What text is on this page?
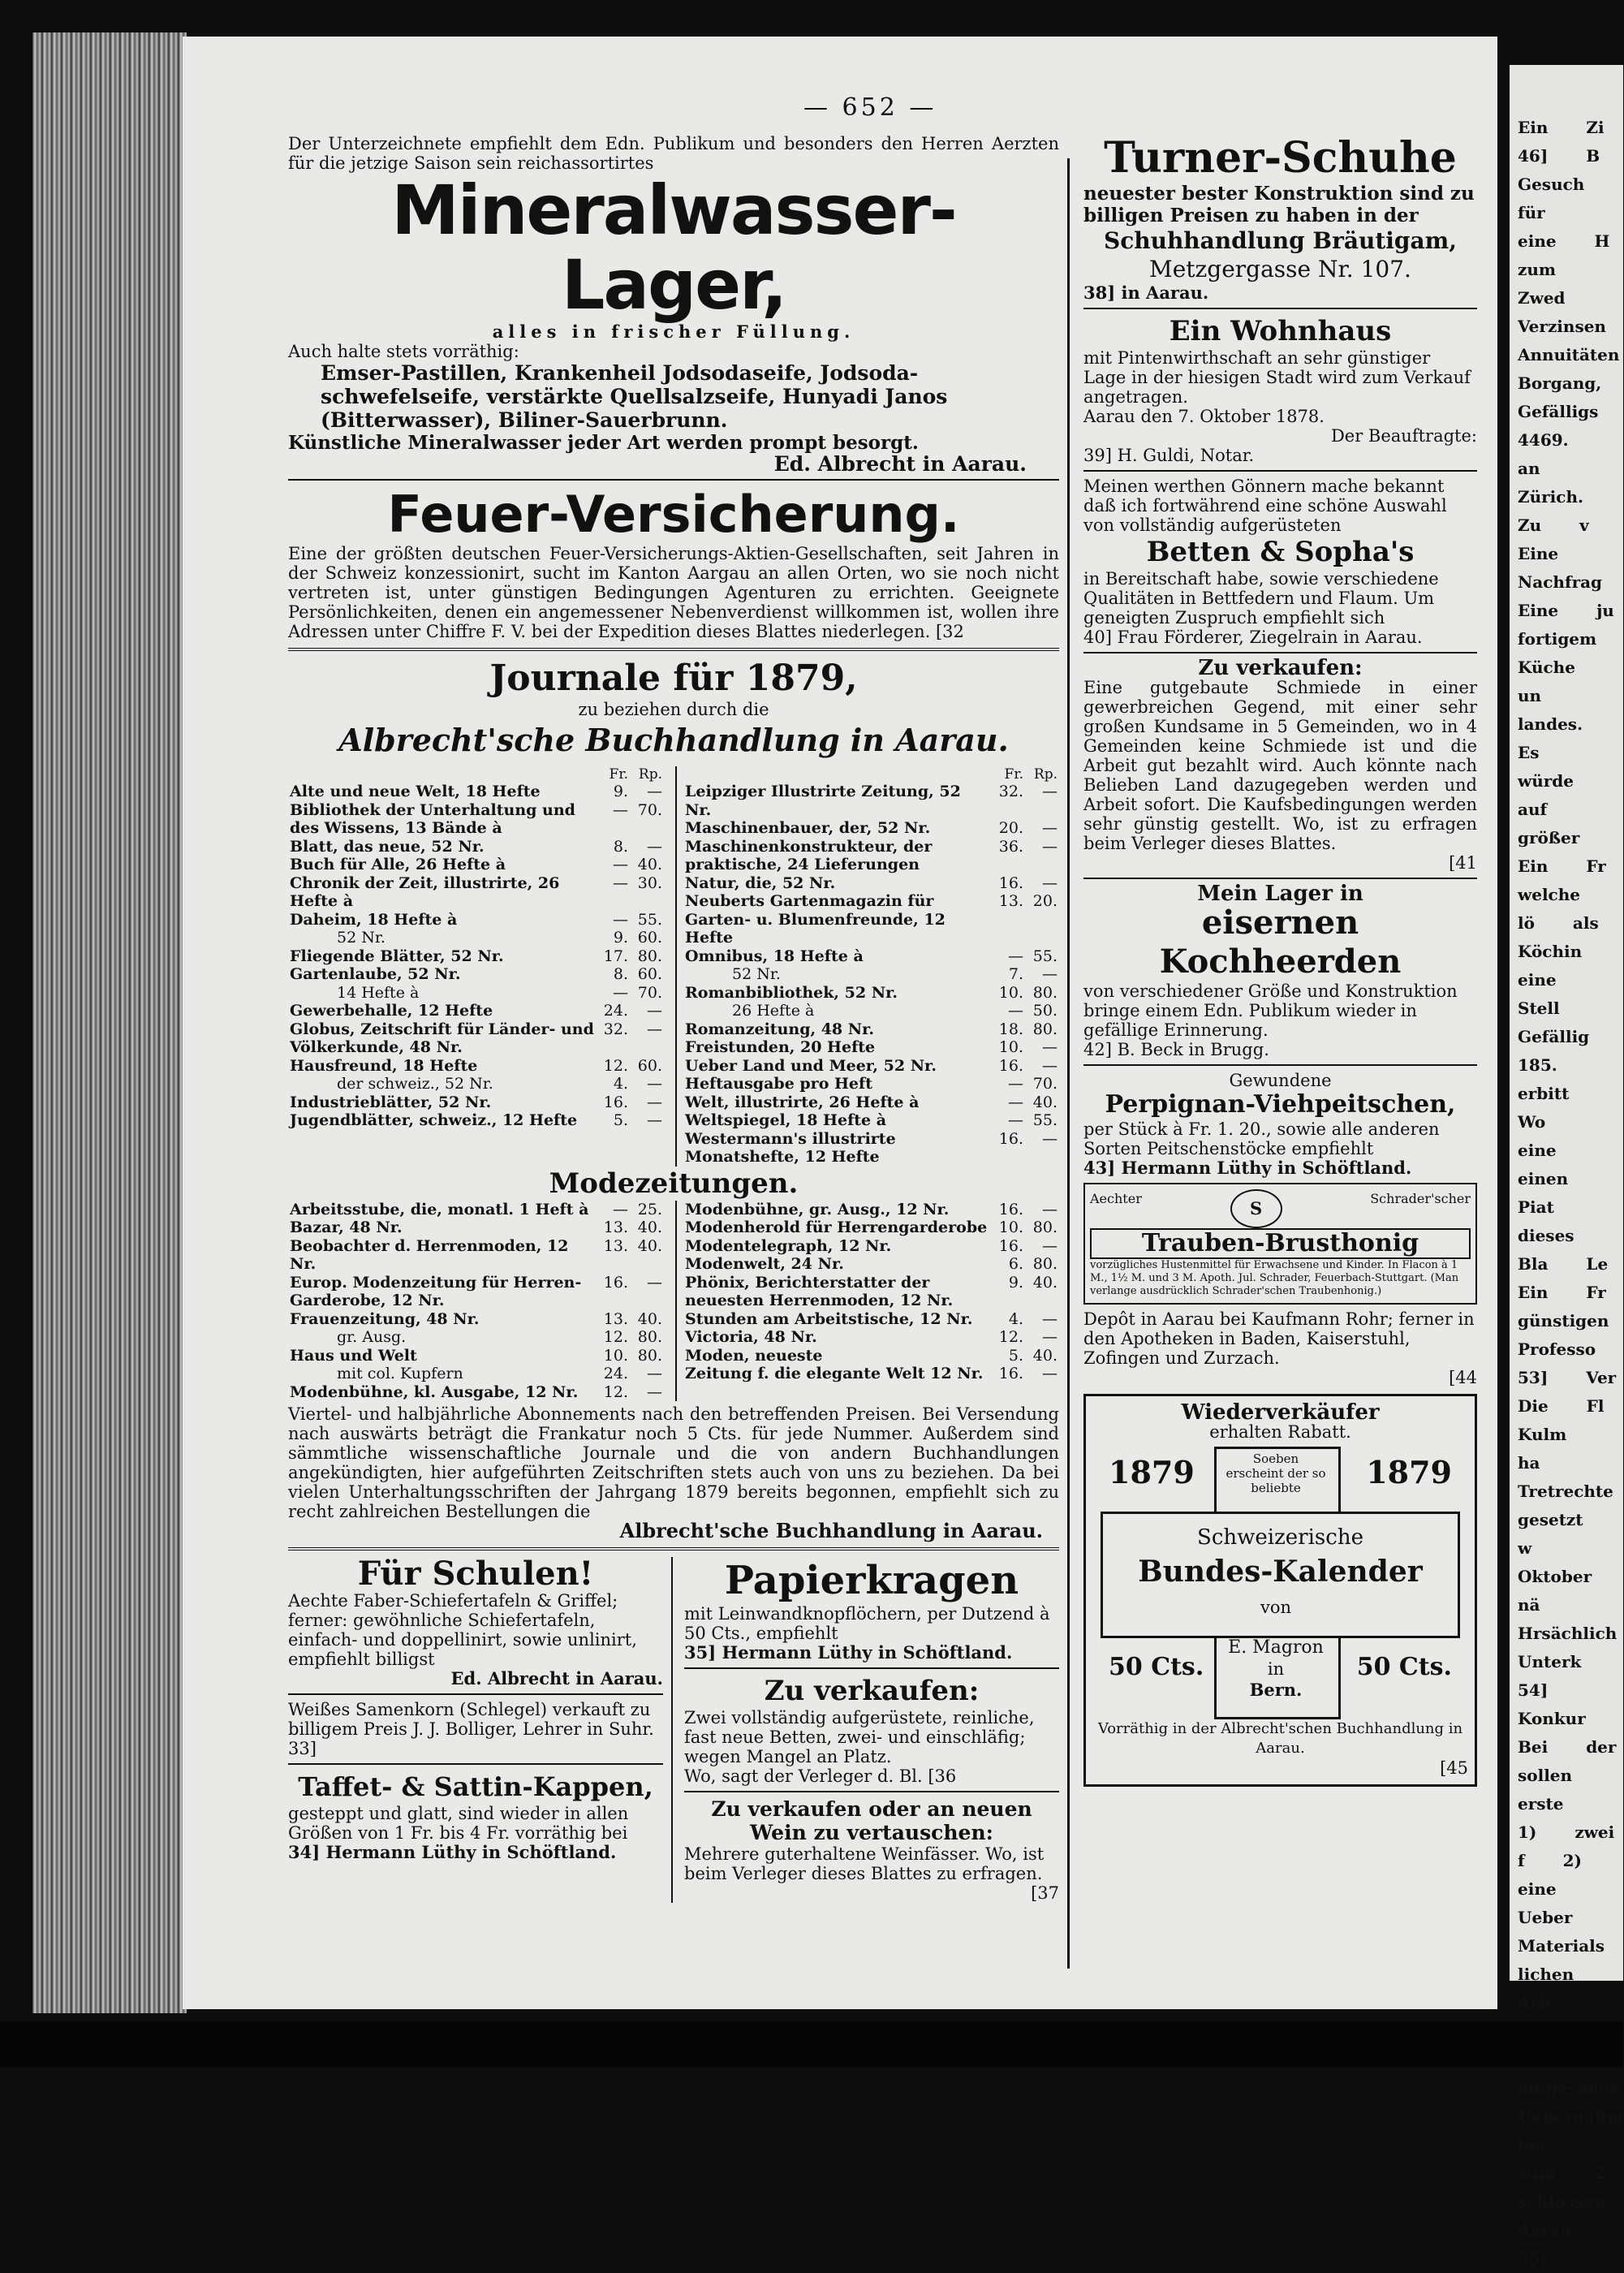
Ein Zi 46] B Gesuch für eine H zum Zwed Verzinsen Annuitäten Borgang, Gefälligs 4469. an Zürich. Zu v Eine Nachfrag Eine ju fortigem Küche un landes. Es würde auf größer Ein Fr welche lö als Köchin eine Stell Gefällig 185. erbitt Wo eine einen Piat dieses Bla Le Ein Fr günstigen Professo 53] Ver Die Fl Kulm ha Tretrechte gesetzt w Oktober nä Hrsächlich Unterk 54] Konkur Bei der sollen erste 1) zwei f 2) eine Ueber Materials lichen Arb eingesehen Uebernahm bis zum 2 schlossen Aarau 55]
— 652 —
Der Unterzeichnete empfiehlt dem Edn. Publikum und besonders den Herren Aerzten für die jetzige Saison sein reichassortirtes
Mineralwasser-Lager,
alles in frischer Füllung.
Auch halte stets vorräthig:
Emser-Pastillen, Krankenheil Jodsodaseife, Jodsoda-schwefelseife, verstärkte Quellsalzseife, Hunyadi Janos (Bitterwasser), Biliner-Sauerbrunn.
Künstliche Mineralwasser jeder Art werden prompt besorgt.
Ed. Albrecht in Aarau.
Feuer-Versicherung.
Eine der größten deutschen Feuer-Versicherungs-Aktien-Gesellschaften, seit Jahren in der Schweiz konzessionirt, sucht im Kanton Aargau an allen Orten, wo sie noch nicht vertreten ist, unter günstigen Bedingungen Agenturen zu errichten. Geeignete Persönlichkeiten, denen ein angemessener Nebenverdienst willkommen ist, wollen ihre Adressen unter Chiffre F. V. bei der Expedition dieses Blattes niederlegen. [32
Journale für 1879,
zu beziehen durch die
Albrecht'sche Buchhandlung in Aarau.
	Fr.	Rp.
Alte und neue Welt, 18 Hefte	9.	—
Bibliothek der Unterhaltung und des Wissens, 13 Bände à	—	70.
Blatt, das neue, 52 Nr.	8.	—
Buch für Alle, 26 Hefte à	—	40.
Chronik der Zeit, illustrirte, 26 Hefte à	—	30.
Daheim, 18 Hefte à	—	55.
52 Nr.	9.	60.
Fliegende Blätter, 52 Nr.	17.	80.
Gartenlaube, 52 Nr.	8.	60.
14 Hefte à	—	70.
Gewerbehalle, 12 Hefte	24.	—
Globus, Zeitschrift für Länder- und Völkerkunde, 48 Nr.	32.	—
Hausfreund, 18 Hefte	12.	60.
der schweiz., 52 Nr.	4.	—
Industrieblätter, 52 Nr.	16.	—
Jugendblätter, schweiz., 12 Hefte	5.	—
	Fr.	Rp.
Leipziger Illustrirte Zeitung, 52 Nr.	32.	—
Maschinenbauer, der, 52 Nr.	20.	—
Maschinenkonstrukteur, der praktische, 24 Lieferungen	36.	—
Natur, die, 52 Nr.	16.	—
Neuberts Gartenmagazin für Garten- u. Blumenfreunde, 12 Hefte	13.	20.
Omnibus, 18 Hefte à	—	55.
52 Nr.	7.	—
Romanbibliothek, 52 Nr.	10.	80.
26 Hefte à	—	50.
Romanzeitung, 48 Nr.	18.	80.
Freistunden, 20 Hefte	10.	—
Ueber Land und Meer, 52 Nr.	16.	—
Heftausgabe pro Heft	—	70.
Welt, illustrirte, 26 Hefte à	—	40.
Weltspiegel, 18 Hefte à	—	55.
Westermann's illustrirte Monatshefte, 12 Hefte	16.	—
Modezeitungen.
Arbeitsstube, die, monatl. 1 Heft à	—	25.
Bazar, 48 Nr.	13.	40.
Beobachter d. Herrenmoden, 12 Nr.	13.	40.
Europ. Modenzeitung für Herren-Garderobe, 12 Nr.	16.	—
Frauenzeitung, 48 Nr.	13.	40.
gr. Ausg.	12.	80.
Haus und Welt	10.	80.
mit col. Kupfern	24.	—
Modenbühne, kl. Ausgabe, 12 Nr.	12.	—
Modenbühne, gr. Ausg., 12 Nr.	16.	—
Modenherold für Herrengarderobe	10.	80.
Modentelegraph, 12 Nr.	16.	—
Modenwelt, 24 Nr.	6.	80.
Phönix, Berichterstatter der neuesten Herrenmoden, 12 Nr.	9.	40.
Stunden am Arbeitstische, 12 Nr.	4.	—
Victoria, 48 Nr.	12.	—
Moden, neueste	5.	40.
Zeitung f. die elegante Welt 12 Nr.	16.	—
Viertel- und halbjährliche Abonnements nach den betreffenden Preisen. Bei Versendung nach auswärts beträgt die Frankatur noch 5 Cts. für jede Nummer. Außerdem sind sämmtliche wissenschaftliche Journale und die von andern Buchhandlungen angekündigten, hier aufgeführten Zeitschriften stets auch von uns zu beziehen. Da bei vielen Unterhaltungsschriften der Jahrgang 1879 bereits begonnen, empfiehlt sich zu recht zahlreichen Bestellungen die
Albrecht'sche Buchhandlung in Aarau.
Für Schulen!
Aechte Faber-Schiefertafeln & Griffel; ferner: gewöhnliche Schiefertafeln, einfach- und doppellinirt, sowie unlinirt, empfiehlt billigst
Ed. Albrecht in Aarau.
Weißes Samenkorn (Schlegel) verkauft zu billigem Preis J. J. Bolliger, Lehrer in Suhr.
33]
Taffet- & Sattin-Kappen,
gesteppt und glatt, sind wieder in allen Größen von 1 Fr. bis 4 Fr. vorräthig bei
34] Hermann Lüthy in Schöftland.
Papierkragen
mit Leinwandknopflöchern, per Dutzend à 50 Cts., empfiehlt
35] Hermann Lüthy in Schöftland.
Zu verkaufen:
Zwei vollständig aufgerüstete, reinliche, fast neue Betten, zwei- und einschläfig; wegen Mangel an Platz.
Wo, sagt der Verleger d. Bl. [36
Zu verkaufen oder an neuen Wein zu vertauschen:
Mehrere guterhaltene Weinfässer. Wo, ist beim Verleger dieses Blattes zu erfragen.
[37
Turner-Schuhe
neuester bester Konstruktion sind zu billigen Preisen zu haben in der
Schuhhandlung Bräutigam,
Metzgergasse Nr. 107.
38] in Aarau.
Ein Wohnhaus
mit Pintenwirthschaft an sehr günstiger Lage in der hiesigen Stadt wird zum Verkauf angetragen.
Aarau den 7. Oktober 1878.
Der Beauftragte:
39] H. Guldi, Notar.
Meinen werthen Gönnern mache bekannt daß ich fortwährend eine schöne Auswahl von vollständig aufgerüsteten
Betten & Sopha's
in Bereitschaft habe, sowie verschiedene Qualitäten in Bettfedern und Flaum. Um geneigten Zuspruch empfiehlt sich
40] Frau Förderer, Ziegelrain in Aarau.
Zu verkaufen:
Eine gutgebaute Schmiede in einer gewerbreichen Gegend, mit einer sehr großen Kundsame in 5 Gemeinden, wo in 4 Gemeinden keine Schmiede ist und die Arbeit gut bezahlt wird. Auch könnte nach Belieben Land dazugegeben werden und Arbeit sofort. Die Kaufsbedingungen werden sehr günstig gestellt. Wo, ist zu erfragen beim Verleger dieses Blattes.
[41
Mein Lager in
eisernen Kochheerden
von verschiedener Größe und Konstruktion bringe einem Edn. Publikum wieder in gefällige Erinnerung.
42] B. Beck in Brugg.
Gewundene
Perpignan-Viehpeitschen,
per Stück à Fr. 1. 20., sowie alle anderen Sorten Peitschenstöcke empfiehlt
43] Hermann Lüthy in Schöftland.
Aechter	S	Schrader'scher
Trauben-Brusthonig
vorzügliches Hustenmittel für Erwachsene und Kinder. In Flacon à 1 M., 1½ M. und 3 M. Apoth. Jul. Schrader, Feuerbach-Stuttgart. (Man verlange ausdrücklich Schrader'schen Traubenhonig.)
Depôt in Aarau bei Kaufmann Rohr; ferner in den Apotheken in Baden, Kaiserstuhl, Zofingen und Zurzach.
[44
Wiederverkäufer
erhalten Rabatt.
1879	1879
Soeben erscheint der so beliebte
Schweizerische
Bundes-Kalender
von
50 Cts.	50 Cts.
E. Magron
in
Bern.
Vorräthig in der Albrecht'schen Buchhandlung in Aarau.
[45
